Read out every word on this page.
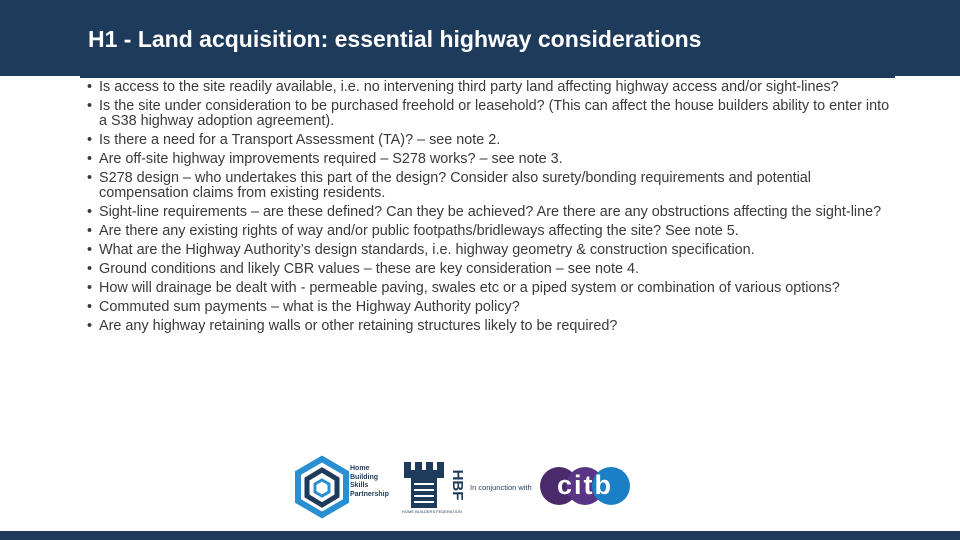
H1 - Land acquisition: essential highway considerations
• Is access to the site readily available, i.e. no intervening third party land affecting highway access and/or sight-lines?
• Is the site under consideration to be purchased freehold or leasehold? (This can affect the house builders ability to enter into a S38 highway adoption agreement).
• Is there a need for a Transport Assessment (TA)? – see note 2.
• Are off-site highway improvements required – S278 works? – see note 3.
• S278 design – who undertakes this part of the design? Consider also surety/bonding requirements and potential compensation claims from existing residents.
• Sight-line requirements – are these defined? Can they be achieved? Are there are any obstructions affecting the sight-line?
• Are there any existing rights of way and/or public footpaths/bridleways affecting the site? See note 5.
• What are the Highway Authority’s design standards, i.e. highway geometry & construction specification.
• Ground conditions and likely CBR values – these are key consideration – see note 4.
• How will drainage be dealt with - permeable paving, swales etc or a piped system or combination of various options?
• Commuted sum payments – what is the Highway Authority policy?
• Are any highway retaining walls or other retaining structures likely to be required?
Home
Building
Skills
Partnership	HBF
HOME BUILDERS FEDERATION
In conjunction with citb
